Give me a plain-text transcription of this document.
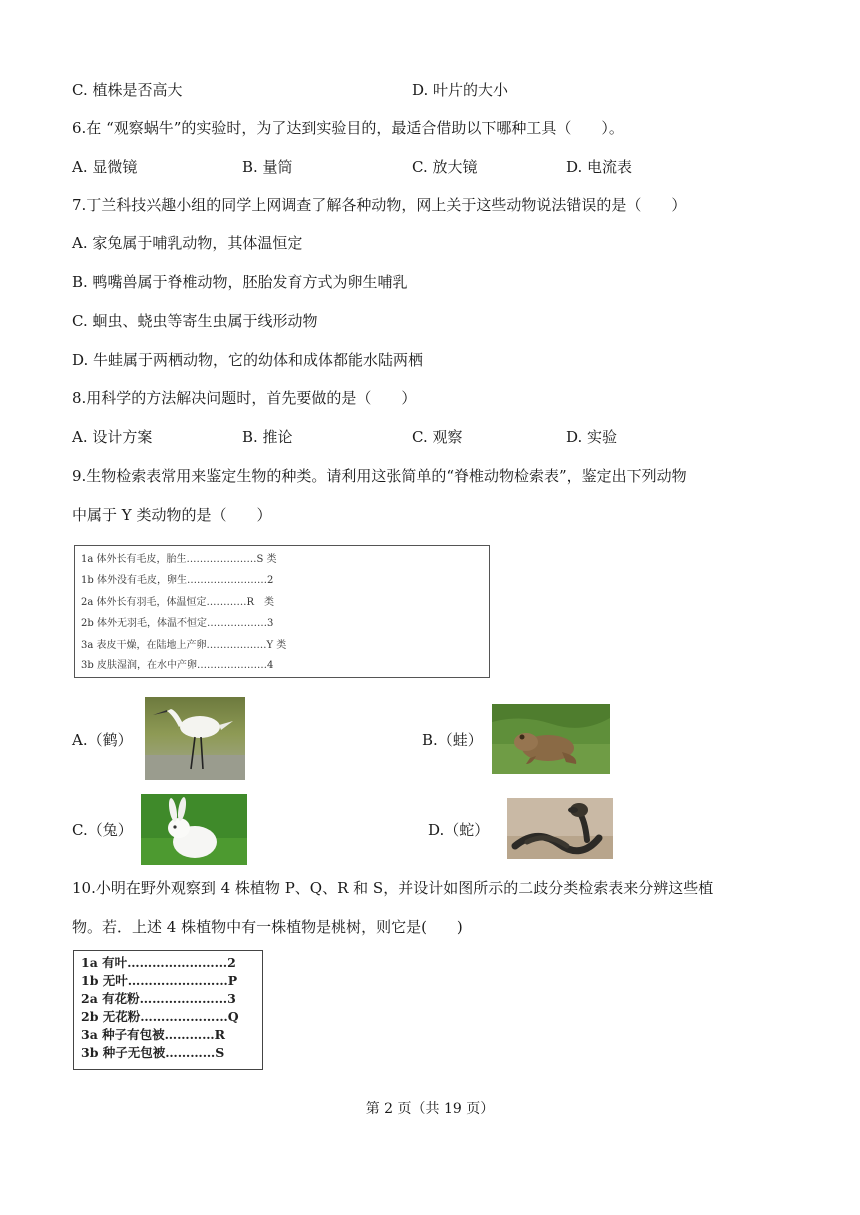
C. 植株是否高大	D. 叶片的大小
6.在 “观察蜗牛”的实验时，为了达到实验目的，最适合借助以下哪种工具（　　）。
A. 显微镜	B. 量筒	C. 放大镜	D. 电流表
7.丁兰科技兴趣小组的同学上网调查了解各种动物，网上关于这些动物说法错误的是（　　）
A. 家兔属于哺乳动物，其体温恒定
B. 鸭嘴兽属于脊椎动物，胚胎发育方式为卵生哺乳
C. 蛔虫、蛲虫等寄生虫属于线形动物
D. 牛蛙属于两栖动物，它的幼体和成体都能水陆两栖
8.用科学的方法解决问题时，首先要做的是（　　）
A. 设计方案	B. 推论	C. 观察	D. 实验
9.生物检索表常用来鉴定生物的种类。请利用这张简单的“脊椎动物检索表”，鉴定出下列动物
中属于 Y 类动物的是（　　）
1a 体外长有毛皮，胎生…………………S 类
1b 体外没有毛皮，卵生……………………2
2a 体外长有羽毛，体温恒定…………R　类
2b 体外无羽毛，体温不恒定………………3
3a 表皮干燥，在陆地上产卵………………Y 类
3b 皮肤湿润，在水中产卵…………………4
A.（鹤）	B.（蛙）
C.（兔）	D.（蛇）
10.小明在野外观察到 4 株植物 P、Q、R 和 S，并设计如图所示的二歧分类检索表来分辨这些植
物。若．上述 4 株植物中有一株植物是桃树，则它是(　　)
1a 有叶……………………2
1b 无叶……………………P
2a 有花粉…………………3
2b 无花粉…………………Q
3a 种子有包被…………R
3b 种子无包被…………S
第 2 页（共 19 页）
